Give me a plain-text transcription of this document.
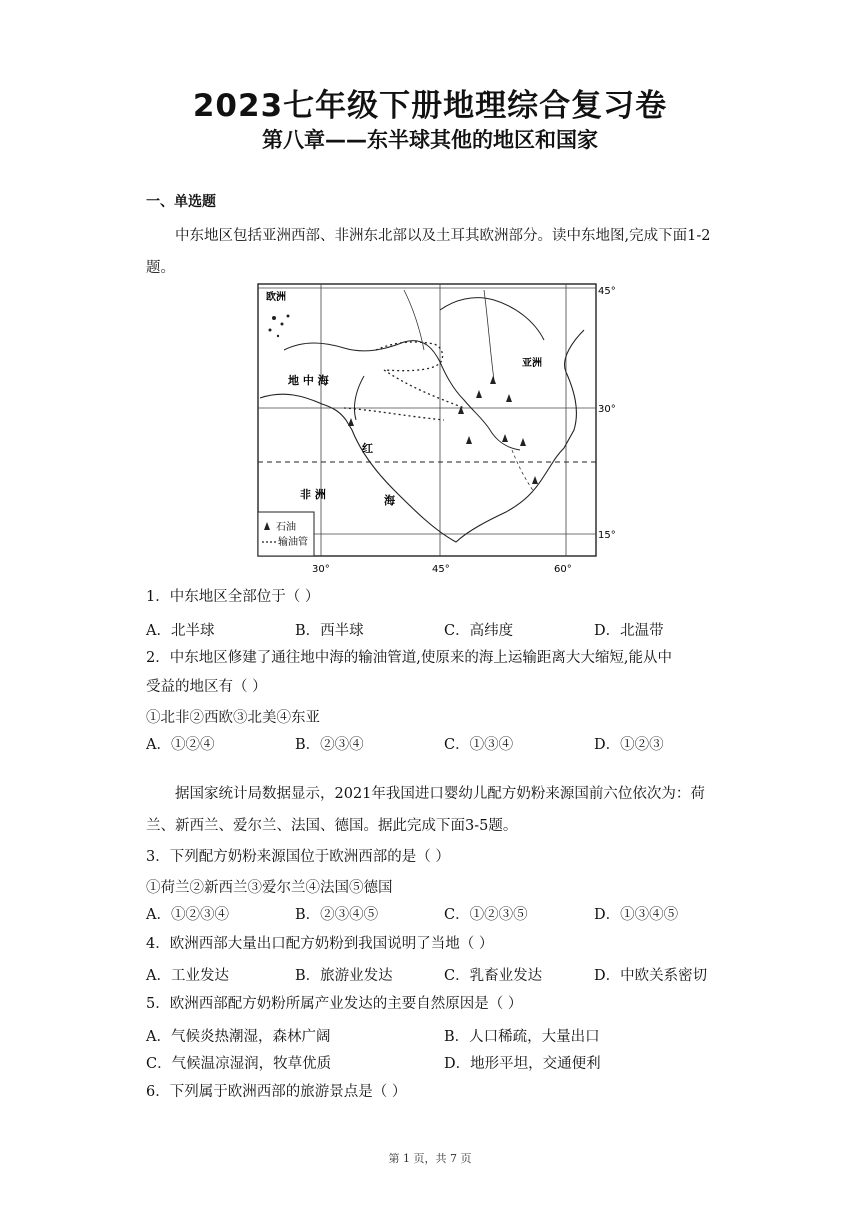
2023七年级下册地理综合复习卷
第八章——东半球其他的地区和国家
一、单选题
中东地区包括亚洲西部、非洲东北部以及土耳其欧洲部分。读中东地图,完成下面1-2题。
欧洲
亚洲
地 中 海
红
海
非 洲
石油
输油管
45°
30°
15°
30°	45°	60°
1．中东地区全部位于（ ）
A．北半球	B．西半球	C．高纬度	D．北温带
2．中东地区修建了通往地中海的输油管道,使原来的海上运输距离大大缩短,能从中
受益的地区有（ ）
①北非②西欧③北美④东亚
A．①②④	B．②③④	C．①③④	D．①②③
据国家统计局数据显示，2021年我国进口婴幼儿配方奶粉来源国前六位依次为：荷兰、新西兰、爱尔兰、法国、德国。据此完成下面3-5题。
3．下列配方奶粉来源国位于欧洲西部的是（ ）
①荷兰②新西兰③爱尔兰④法国⑤德国
A．①②③④	B．②③④⑤	C．①②③⑤	D．①③④⑤
4．欧洲西部大量出口配方奶粉到我国说明了当地（ ）
A．工业发达	B．旅游业发达	C．乳畜业发达	D．中欧关系密切
5．欧洲西部配方奶粉所属产业发达的主要自然原因是（ ）
A．气候炎热潮湿，森林广阔	B．人口稀疏，大量出口
C．气候温凉湿润，牧草优质	D．地形平坦，交通便利
6．下列属于欧洲西部的旅游景点是（ ）
第 1 页，共 7 页
